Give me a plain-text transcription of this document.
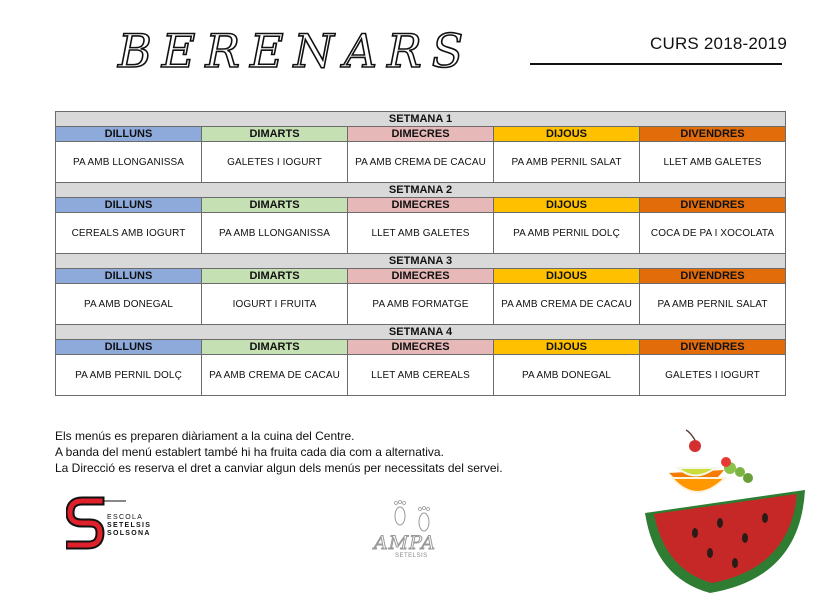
BERENARS	CURS 2018-2019
SETMANA 1				
DILLUNS	DIMARTS	DIMECRES	DIJOUS	DIVENDRES
PA AMB LLONGANISSA	GALETES I IOGURT	PA AMB CREMA DE CACAU	PA AMB PERNIL SALAT	LLET AMB GALETES
SETMANA 2				
DILLUNS	DIMARTS	DIMECRES	DIJOUS	DIVENDRES
CEREALS AMB IOGURT	PA AMB LLONGANISSA	LLET AMB GALETES	PA AMB PERNIL DOLÇ	COCA DE PA I XOCOLATA
SETMANA 3				
DILLUNS	DIMARTS	DIMECRES	DIJOUS	DIVENDRES
PA AMB DONEGAL	IOGURT I FRUITA	PA AMB FORMATGE	PA AMB CREMA DE CACAU	PA AMB PERNIL SALAT
SETMANA 4				
DILLUNS	DIMARTS	DIMECRES	DIJOUS	DIVENDRES
PA AMB PERNIL DOLÇ	PA AMB CREMA DE CACAU	LLET AMB CEREALS	PA AMB DONEGAL	GALETES I IOGURT
Els menús es preparen diàriament a la cuina del Centre.
A banda del menú establert també hi ha fruita cada dia com a alternativa.
La Direcció es reserva el dret a canviar algun dels menús per necessitats del servei.
ESCOLA
SETELSIS
SOLSONA	AMPA
SETELSIS
